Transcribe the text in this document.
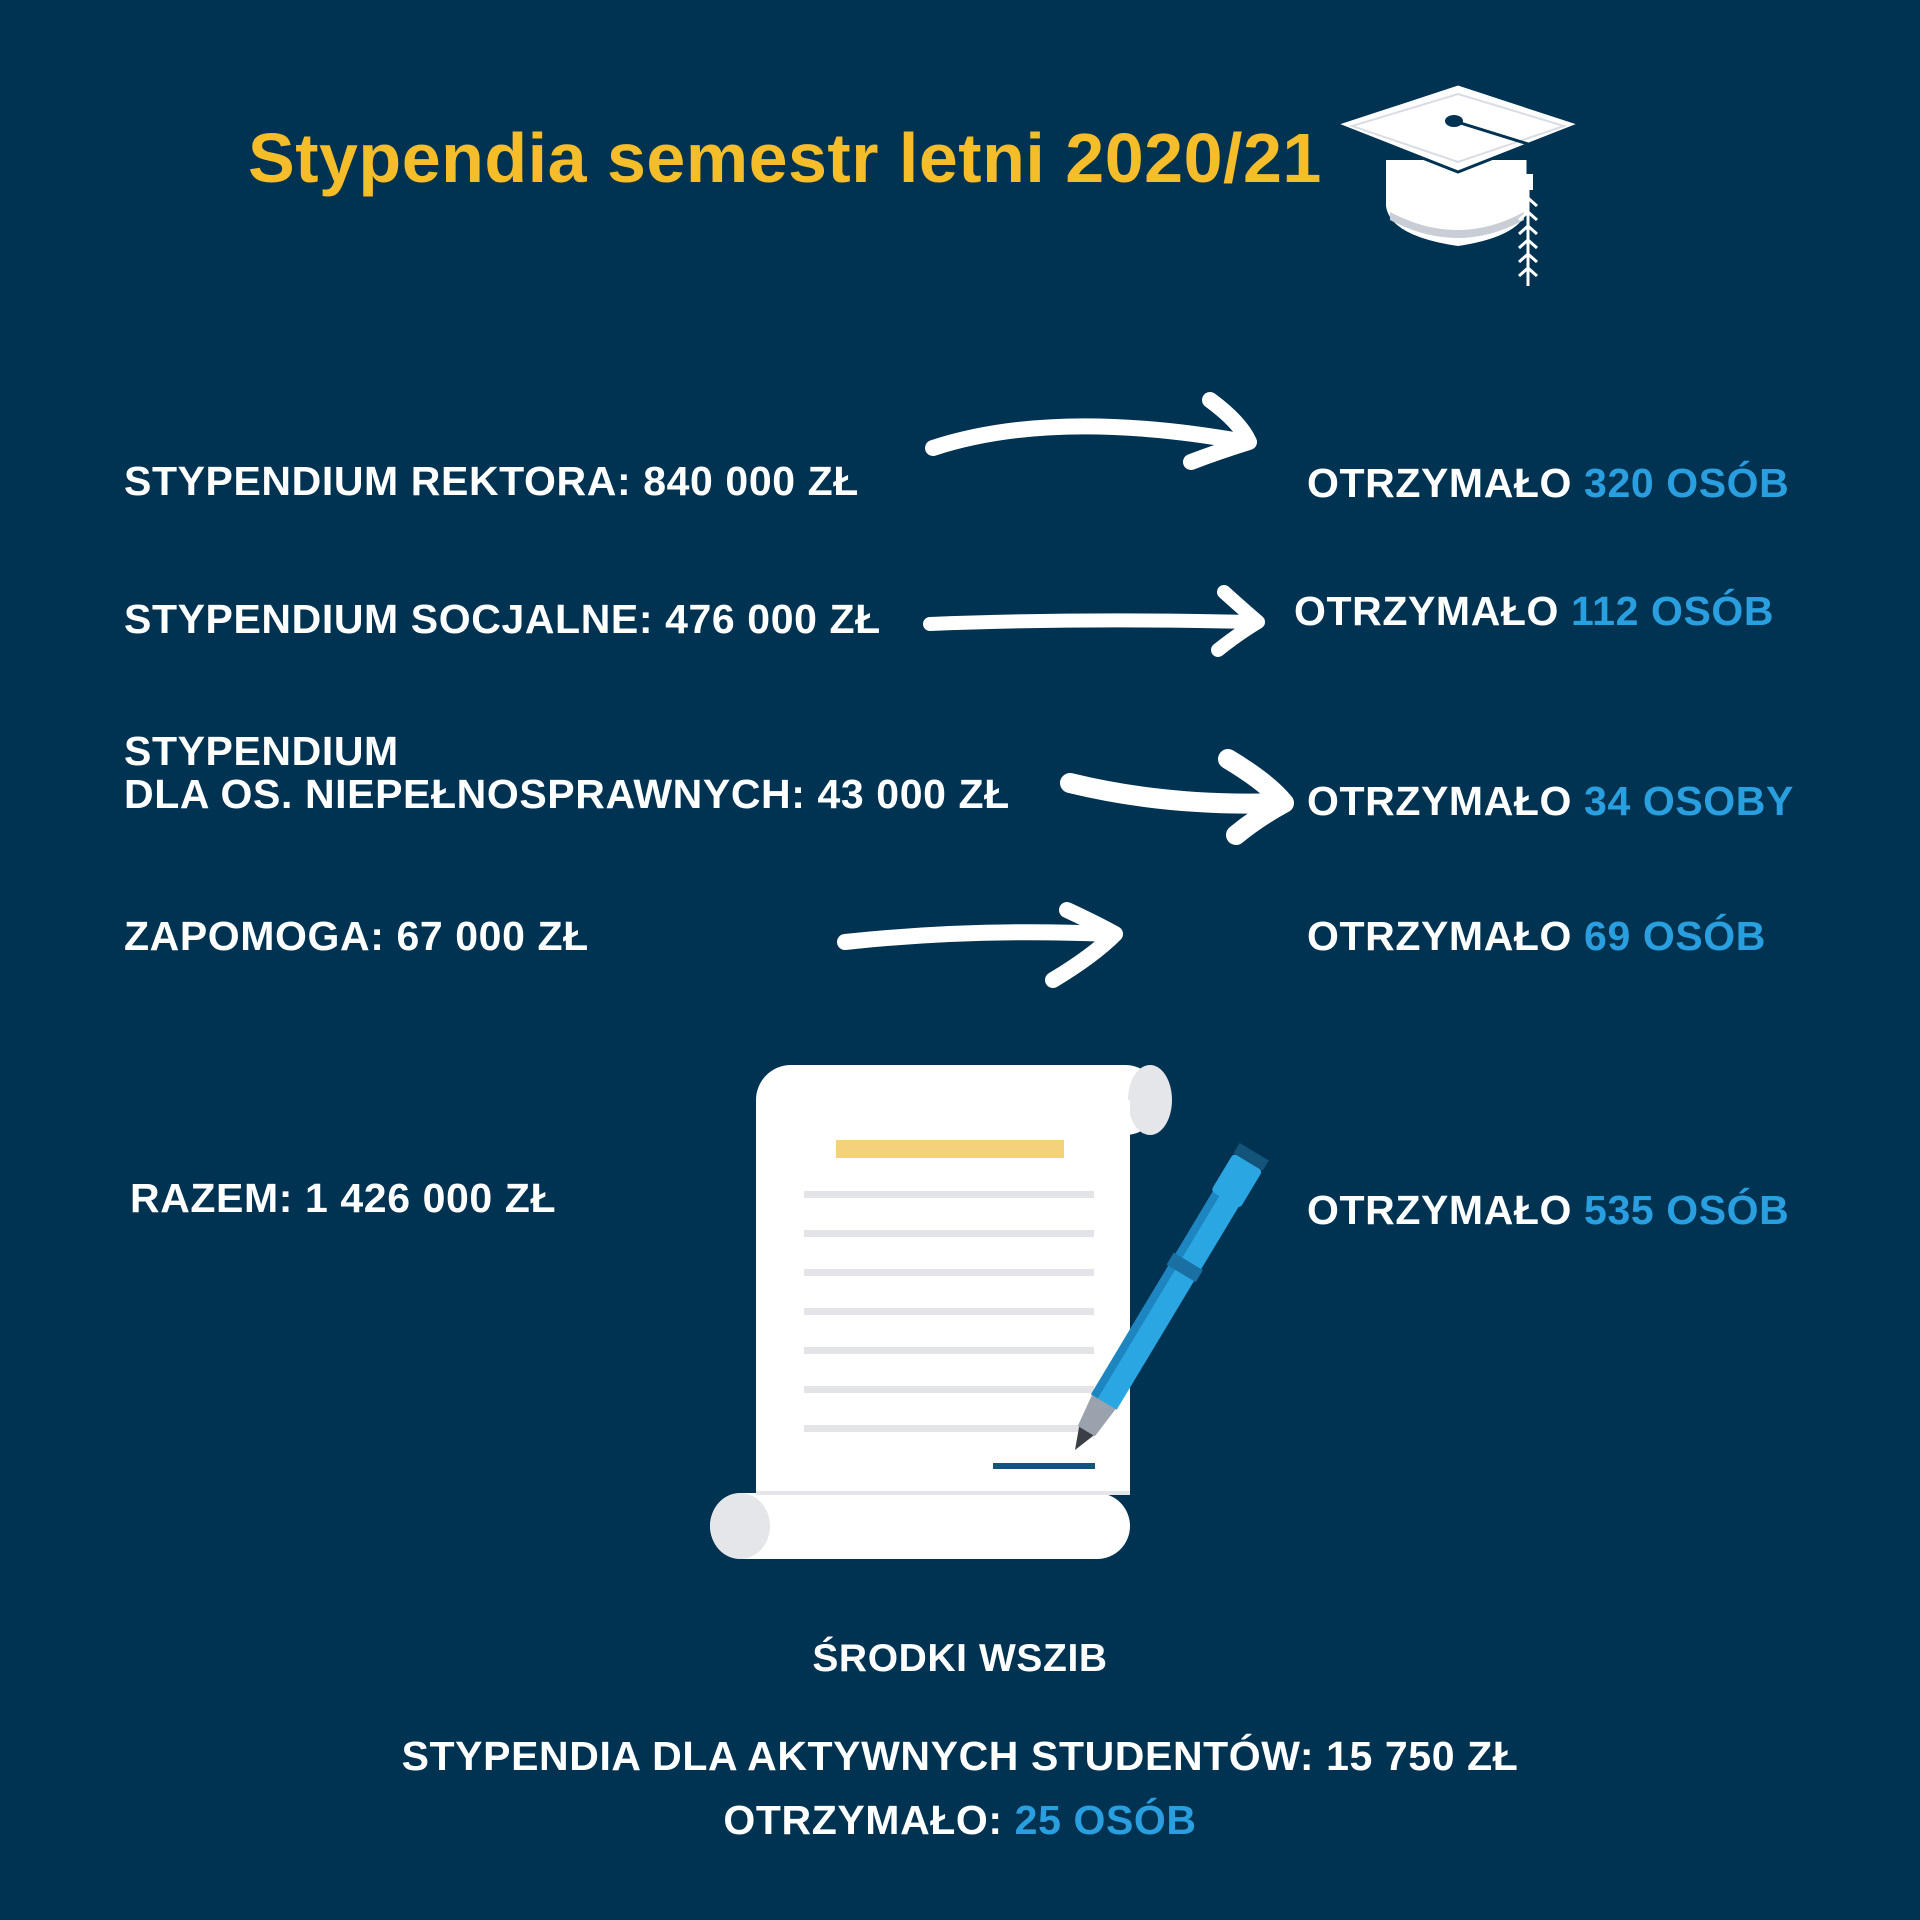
Stypendia semestr letni 2020/21
STYPENDIUM REKTORA: 840 000 ZŁ	OTRZYMAŁO 320 OSÓB
STYPENDIUM SOCJALNE: 476 000 ZŁ	OTRZYMAŁO 112 OSÓB
STYPENDIUM
DLA OS. NIEPEŁNOSPRAWNYCH: 43 000 ZŁ	OTRZYMAŁO 34 OSOBY
ZAPOMOGA: 67 000 ZŁ	OTRZYMAŁO 69 OSÓB
RAZEM: 1 426 000 ZŁ	OTRZYMAŁO 535 OSÓB
ŚRODKI WSZIB
STYPENDIA DLA AKTYWNYCH STUDENTÓW: 15 750 ZŁ
OTRZYMAŁO: 25 OSÓB
